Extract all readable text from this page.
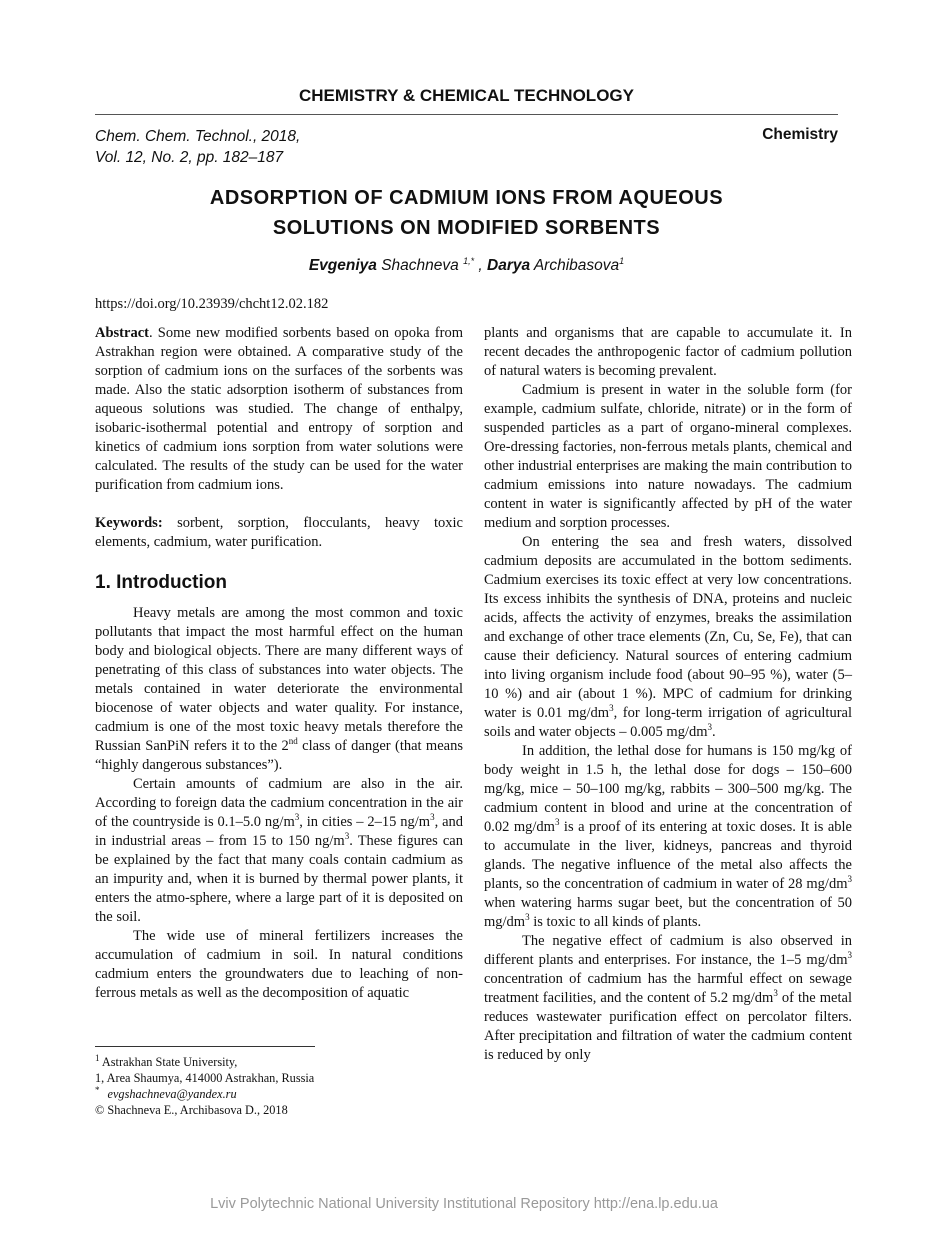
CHEMISTRY & CHEMICAL TECHNOLOGY
Chem. Chem. Technol., 2018,
Vol. 12, No. 2, pp. 182–187
Chemistry
ADSORPTION OF CADMIUM IONS FROM AQUEOUS
SOLUTIONS ON MODIFIED SORBENTS
Evgeniya Shachneva $^{1,*}$ , Darya Archibasova$^1$
https://doi.org/10.23939/chcht12.02.182

Abstract. Some new modified sorbents based on opoka from Astrakhan region were obtained. A comparative study of the sorption of cadmium ions on the surfaces of the sorbents was made. Also the static adsorption isotherm of substances from aqueous solutions was studied. The change of enthalpy, isobaric-isothermal potential and entropy of sorption and kinetics of cadmium ions sorption from water solutions were calculated. The results of the study can be used for the water purification from cadmium ions.

Keywords: sorbent, sorption, flocculants, heavy toxic elements, cadmium, water purification.

1. Introduction

Heavy metals are among the most common and toxic pollutants that impact the most harmful effect on the human body and biological objects. There are many different ways of penetrating of this class of substances into water objects. The metals contained in water deteriorate the environmental biocenose of water objects and water quality. For instance, cadmium is one of the most toxic heavy metals therefore the Russian SanPiN refers it to the 2nd class of danger (that means “highly dangerous substances”).

Certain amounts of cadmium are also in the air. According to foreign data the cadmium concentration in the air of the countryside is 0.1–5.0 $ng/m^3$, in cities – 2–15 $ng/m^3$, and in industrial areas – from 15 to 150 $ng/m^3$. These figures can be explained by the fact that many coals contain cadmium as an impurity and, when it is burned by thermal power plants, it enters the atmo-sphere, where a large part of it is deposited on the soil.

The wide use of mineral fertilizers increases the accumulation of cadmium in soil. In natural conditions cadmium enters the groundwaters due to leaching of non-ferrous metals as well as the decomposition of aquatic

plants and organisms that are capable to accumulate it. In recent decades the anthropogenic factor of cadmium pollution of natural waters is becoming prevalent.

Cadmium is present in water in the soluble form (for example, cadmium sulfate, chloride, nitrate) or in the form of suspended particles as a part of organo-mineral complexes. Ore-dressing factories, non-ferrous metals plants, chemical and other industrial enterprises are making the main contribution to cadmium emissions into nature nowadays. The cadmium content in water is significantly affected by pH of the water medium and sorption processes.

On entering the sea and fresh waters, dissolved cadmium deposits are accumulated in the bottom sediments. Cadmium exercises its toxic effect at very low concentrations. Its excess inhibits the synthesis of DNA, proteins and nucleic acids, affects the activity of enzymes, breaks the assimilation and exchange of other trace elements (Zn, Cu, Se, Fe), that can cause their deficiency. Natural sources of entering cadmium into living organism include food (about 90–95 %), water (5–10 %) and air (about 1 %). MPC of cadmium for drinking water is 0.01 $mg/dm^3$, for long-term irrigation of agricultural soils and water objects – 0.005 $mg/dm^3$.

In addition, the lethal dose for humans is 150 mg/kg of body weight in 1.5 h, the lethal dose for dogs – 150–600 mg/kg, mice – 50–100 mg/kg, rabbits – 300–500 mg/kg. The cadmium content in blood and urine at the concentration of 0.02 $mg/dm^3$ is a proof of its entering at toxic doses. It is able to accumulate in the liver, kidneys, pancreas and thyroid glands. The negative influence of the metal also affects the plants, so the concentration of cadmium in water of 28 $mg/dm^3$ when watering harms sugar beet, but the concentration of 50 $mg/dm^3$ is toxic to all kinds of plants.

The negative effect of cadmium is also observed in different plants and enterprises. For instance, the 1–5 $mg/dm^3$ concentration of cadmium has the harmful effect on sewage treatment facilities, and the content of 5.2 $mg/dm^3$ of the metal reduces wastewater purification effect on percolator filters. After precipitation and filtration of water the cadmium content is reduced by only

$^1$ Astrakhan State University,
1, Area Shaumya, 414000 Astrakhan, Russia
* evgshachneva@yandex.ru
© Shachneva E., Archibasova D., 2018
Lviv Polytechnic National University Institutional Repository http://ena.lp.edu.ua
